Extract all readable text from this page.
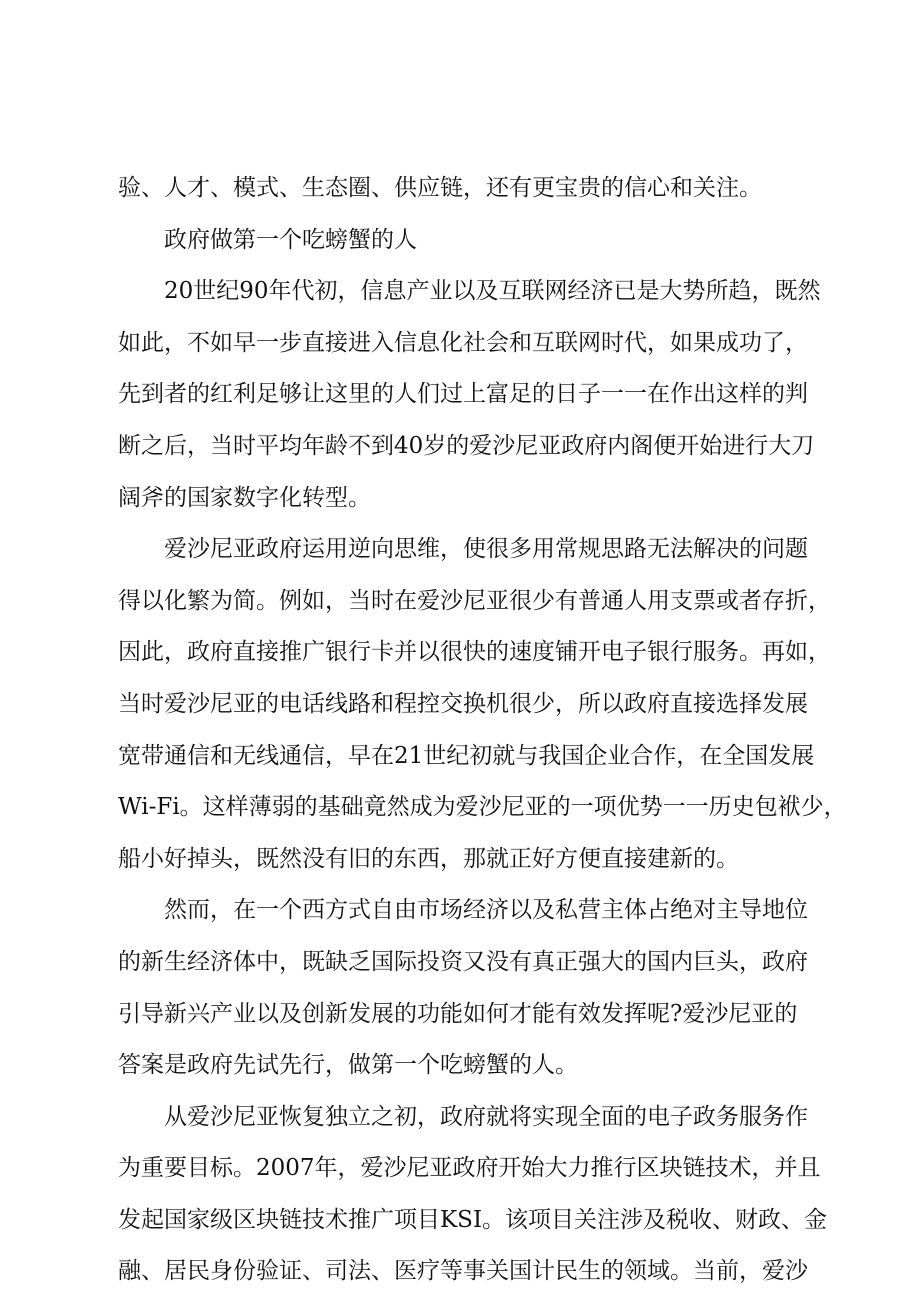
验、人才、模式、生态圈、供应链，还有更宝贵的信心和关注。
政府做第一个吃螃蟹的人
20世纪90年代初，信息产业以及互联网经济已是大势所趋，既然
如此，不如早一步直接进入信息化社会和互联网时代，如果成功了，
先到者的红利足够让这里的人们过上富足的日子一一在作出这样的判
断之后，当时平均年龄不到40岁的爱沙尼亚政府内阁便开始进行大刀
阔斧的国家数字化转型。
爱沙尼亚政府运用逆向思维，使很多用常规思路无法解决的问题
得以化繁为简。例如，当时在爱沙尼亚很少有普通人用支票或者存折，
因此，政府直接推广银行卡并以很快的速度铺开电子银行服务。再如，
当时爱沙尼亚的电话线路和程控交换机很少，所以政府直接选择发展
宽带通信和无线通信，早在21世纪初就与我国企业合作，在全国发展
Wi-Fi。这样薄弱的基础竟然成为爱沙尼亚的一项优势一一历史包袱少，
船小好掉头，既然没有旧的东西，那就正好方便直接建新的。
然而，在一个西方式自由市场经济以及私营主体占绝对主导地位
的新生经济体中，既缺乏国际投资又没有真正强大的国内巨头，政府
引导新兴产业以及创新发展的功能如何才能有效发挥呢?爱沙尼亚的
答案是政府先试先行，做第一个吃螃蟹的人。
从爱沙尼亚恢复独立之初，政府就将实现全面的电子政务服务作
为重要目标。2007年，爱沙尼亚政府开始大力推行区块链技术，并且
发起国家级区块链技术推广项目KSI。该项目关注涉及税收、财政、金
融、居民身份验证、司法、医疗等事关国计民生的领域。当前，爱沙
